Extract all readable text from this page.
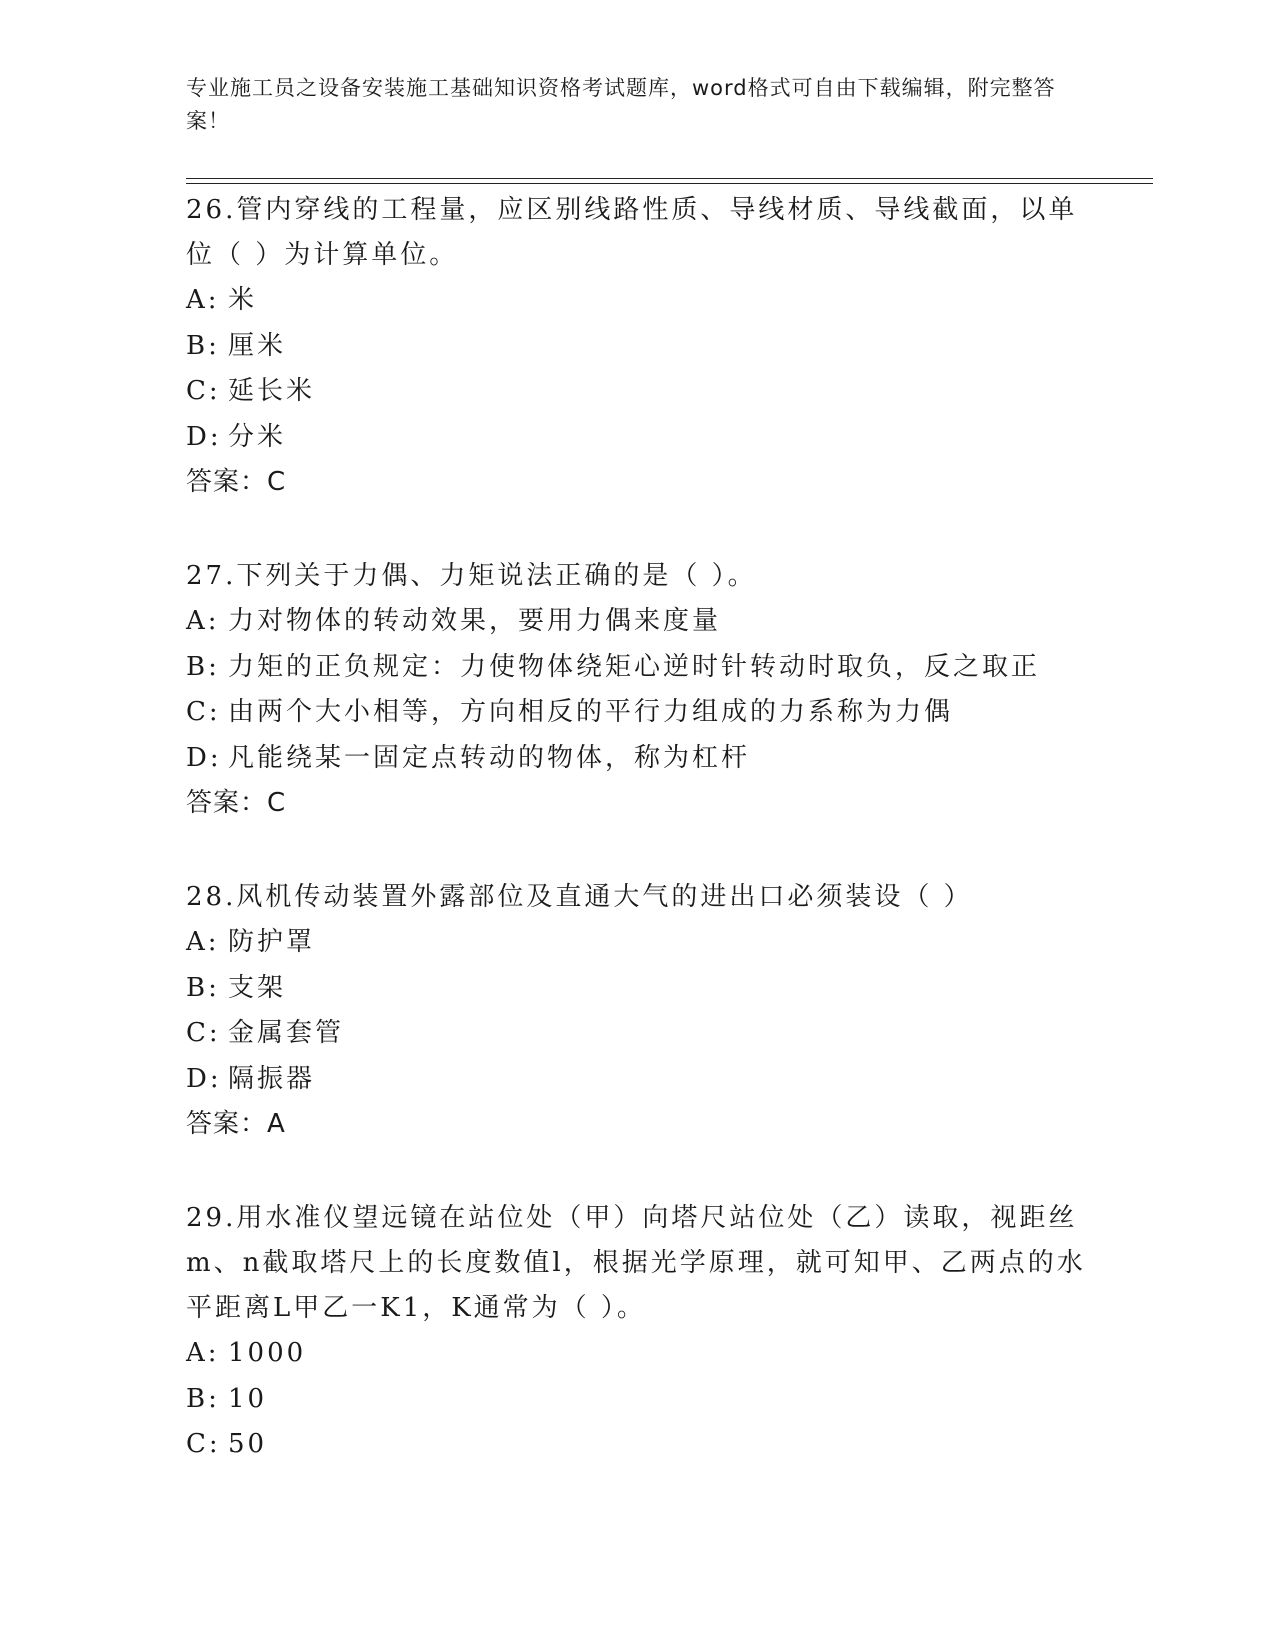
专业施工员之设备安装施工基础知识资格考试题库，word格式可自由下载编辑，附完整答案！
26.管内穿线的工程量，应区别线路性质、导线材质、导线截面，以单位（ ）为计算单位。
A: 米
B: 厘米
C: 延长米
D: 分米
答案：C
27.下列关于力偶、力矩说法正确的是（ ）。
A: 力对物体的转动效果，要用力偶来度量
B: 力矩的正负规定：力使物体绕矩心逆时针转动时取负，反之取正
C: 由两个大小相等，方向相反的平行力组成的力系称为力偶
D: 凡能绕某一固定点转动的物体，称为杠杆
答案：C
28.风机传动装置外露部位及直通大气的进出口必须装设（ ）
A: 防护罩
B: 支架
C: 金属套管
D: 隔振器
答案：A
29.用水准仪望远镜在站位处（甲）向塔尺站位处（乙）读取，视距丝m、n截取塔尺上的长度数值l，根据光学原理，就可知甲、乙两点的水平距离L甲乙一K1，K通常为（ ）。
A: 1000
B: 10
C: 50
